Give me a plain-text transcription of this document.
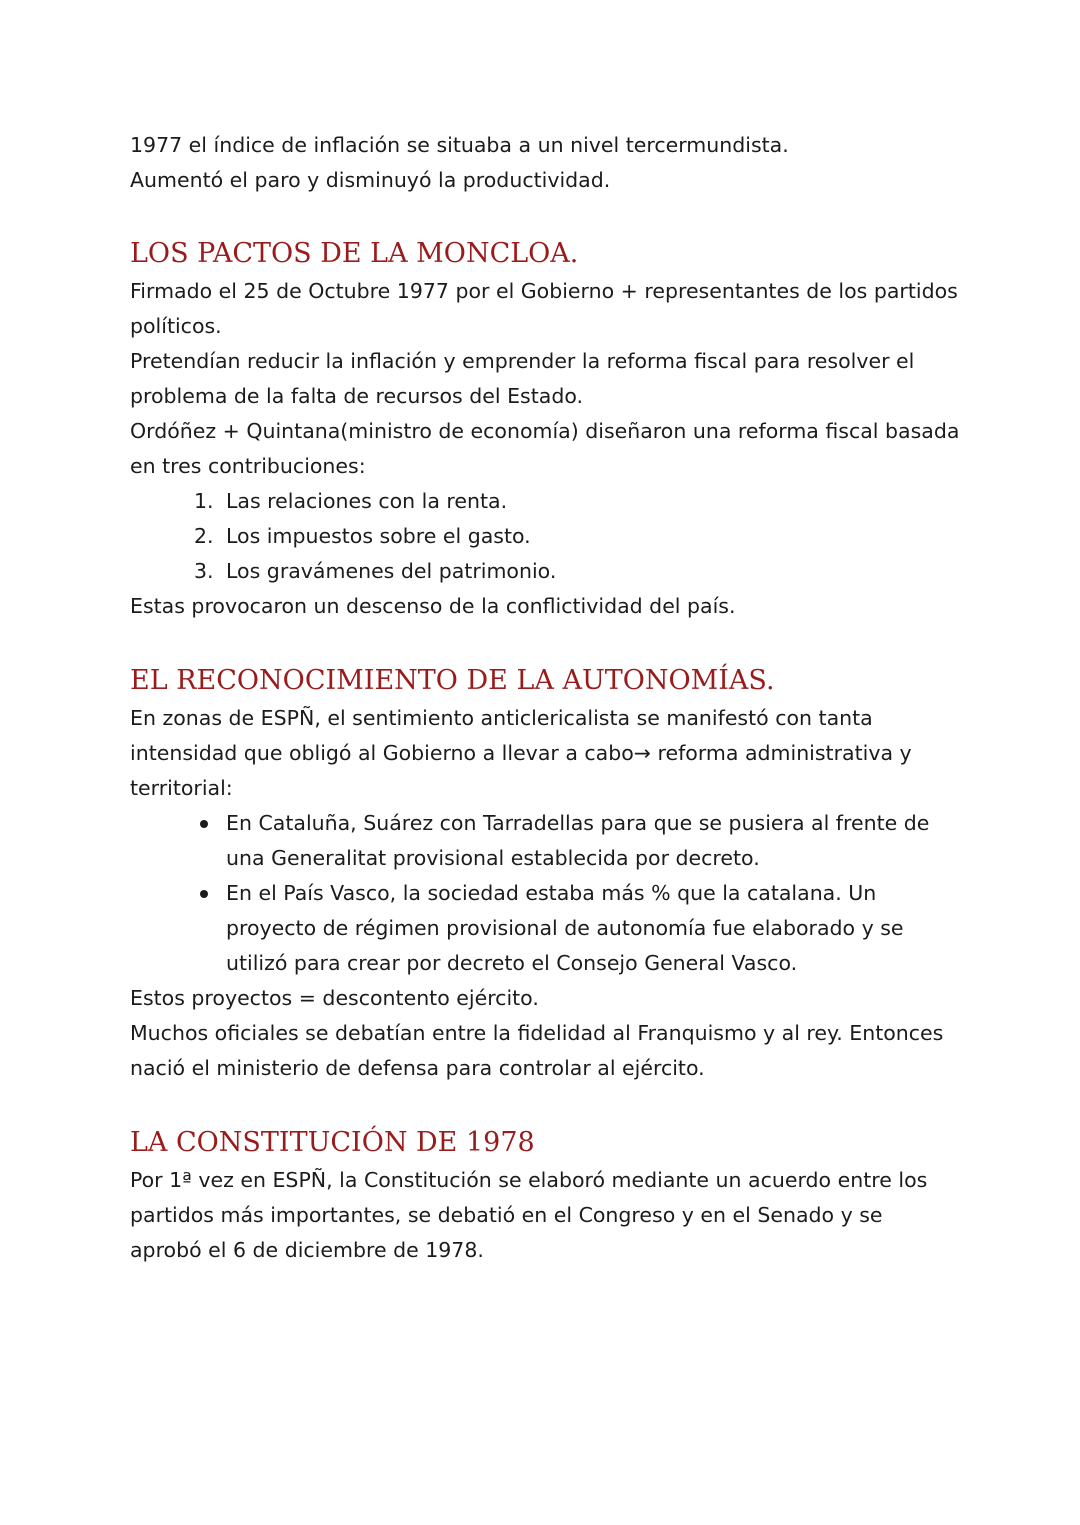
1977 el índice de inflación se situaba a un nivel tercermundista.

Aumentó el paro y disminuyó la productividad.

LOS PACTOS DE LA MONCLOA.

Firmado el 25 de Octubre 1977 por el Gobierno + representantes de los partidos políticos.

Pretendían reducir la inflación y emprender la reforma fiscal para resolver el problema de la falta de recursos del Estado.

Ordóñez + Quintana(ministro de economía) diseñaron una reforma fiscal basada en tres contribuciones:

1. Las relaciones con la renta.
2. Los impuestos sobre el gasto.
3. Los gravámenes del patrimonio.

Estas provocaron un descenso de la conflictividad del país.

EL RECONOCIMIENTO DE LA AUTONOMÍAS.

En zonas de ESPÑ, el sentimiento anticlericalista se manifestó con tanta intensidad que obligó al Gobierno a llevar a cabo→ reforma administrativa y territorial:

En Cataluña, Suárez con Tarradellas para que se pusiera al frente de una Generalitat provisional establecida por decreto.
En el País Vasco, la sociedad estaba más % que la catalana. Un proyecto de régimen provisional de autonomía fue elaborado y se utilizó para crear por decreto el Consejo General Vasco.

Estos proyectos = descontento ejército.

Muchos oficiales se debatían entre la fidelidad al Franquismo y al rey. Entonces nació el ministerio de defensa para controlar al ejército.

LA CONSTITUCIÓN DE 1978

Por 1ª vez en ESPÑ, la Constitución se elaboró mediante un acuerdo entre los partidos más importantes, se debatió en el Congreso y en el Senado y se aprobó el 6 de diciembre de 1978.
